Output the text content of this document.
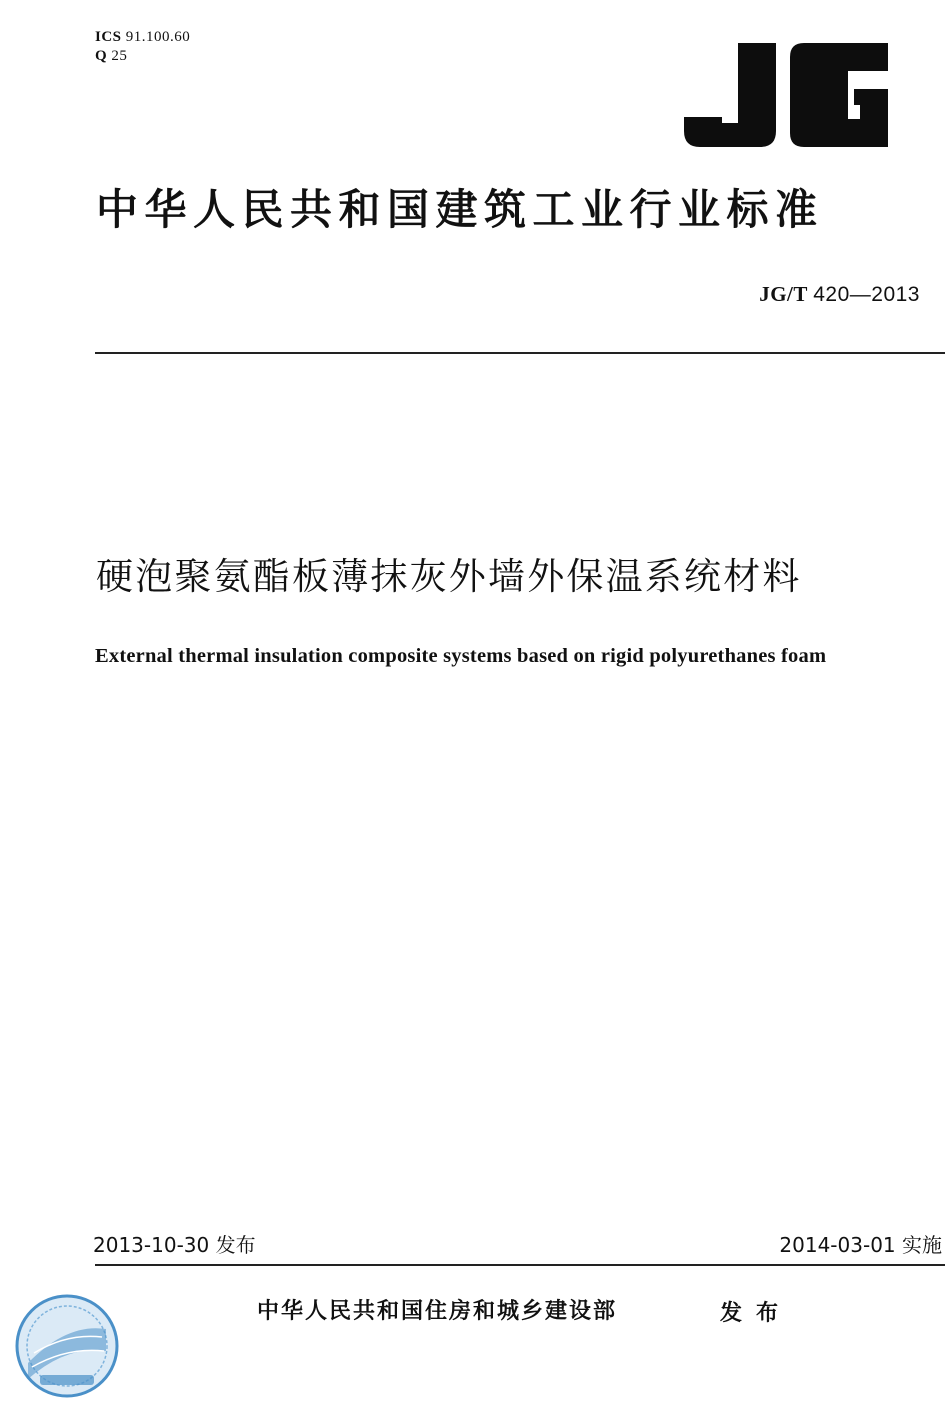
ICS 91.100.60
Q 25
中华人民共和国建筑工业行业标准
JG/T 420—2013
硬泡聚氨酯板薄抹灰外墙外保温系统材料
External thermal insulation composite systems based on rigid polyurethanes foam
2013-10-30 发布	2014-03-01 实施
中华人民共和国住房和城乡建设部	发布
